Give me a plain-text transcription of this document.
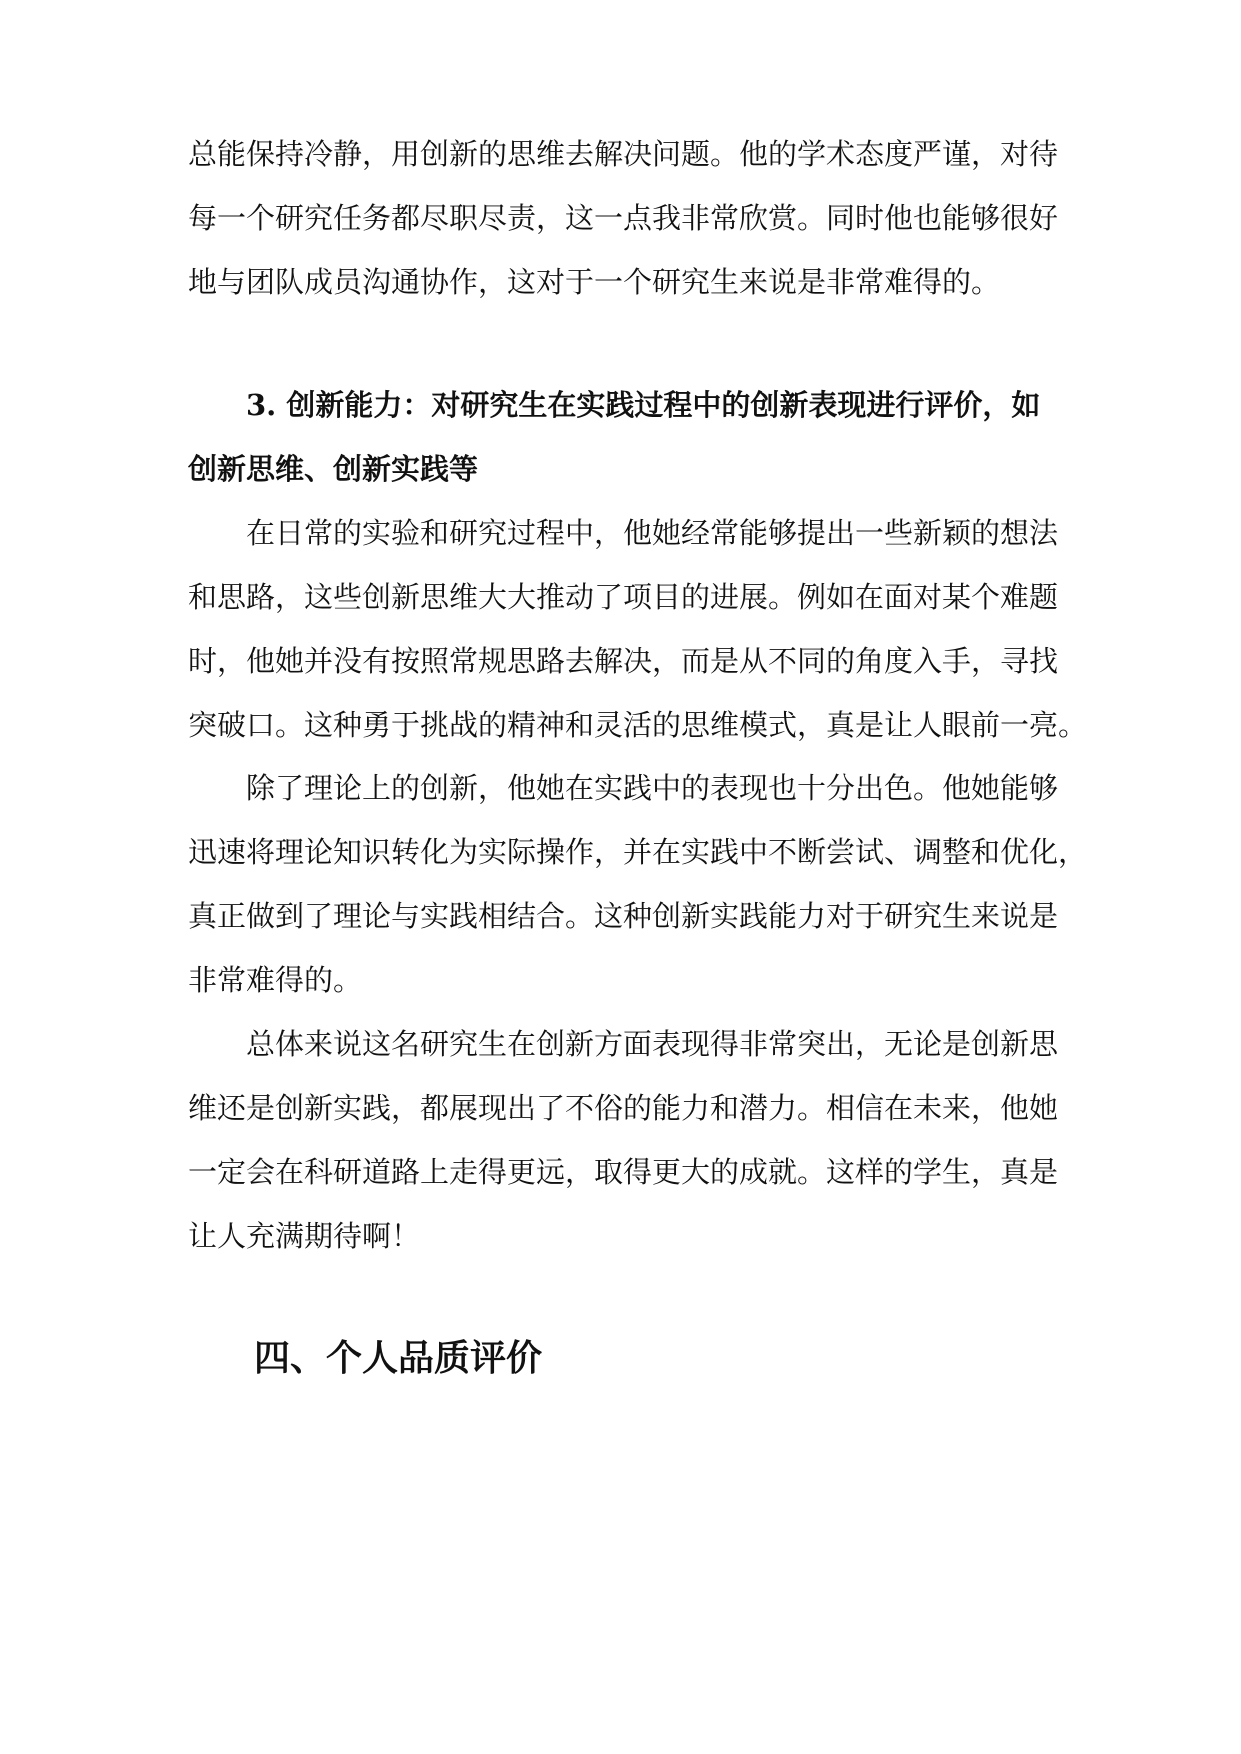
总能保持冷静，用创新的思维去解决问题。他的学术态度严谨，对待
每一个研究任务都尽职尽责，这一点我非常欣赏。同时他也能够很好
地与团队成员沟通协作，这对于一个研究生来说是非常难得的。
3. 创新能力：对研究生在实践过程中的创新表现进行评价，如
创新思维、创新实践等
在日常的实验和研究过程中，他她经常能够提出一些新颖的想法
和思路，这些创新思维大大推动了项目的进展。例如在面对某个难题
时，他她并没有按照常规思路去解决，而是从不同的角度入手，寻找
突破口。这种勇于挑战的精神和灵活的思维模式，真是让人眼前一亮。
除了理论上的创新，他她在实践中的表现也十分出色。他她能够
迅速将理论知识转化为实际操作，并在实践中不断尝试、调整和优化，
真正做到了理论与实践相结合。这种创新实践能力对于研究生来说是
非常难得的。
总体来说这名研究生在创新方面表现得非常突出，无论是创新思
维还是创新实践，都展现出了不俗的能力和潜力。相信在未来，他她
一定会在科研道路上走得更远，取得更大的成就。这样的学生，真是
让人充满期待啊！
四、个人品质评价
